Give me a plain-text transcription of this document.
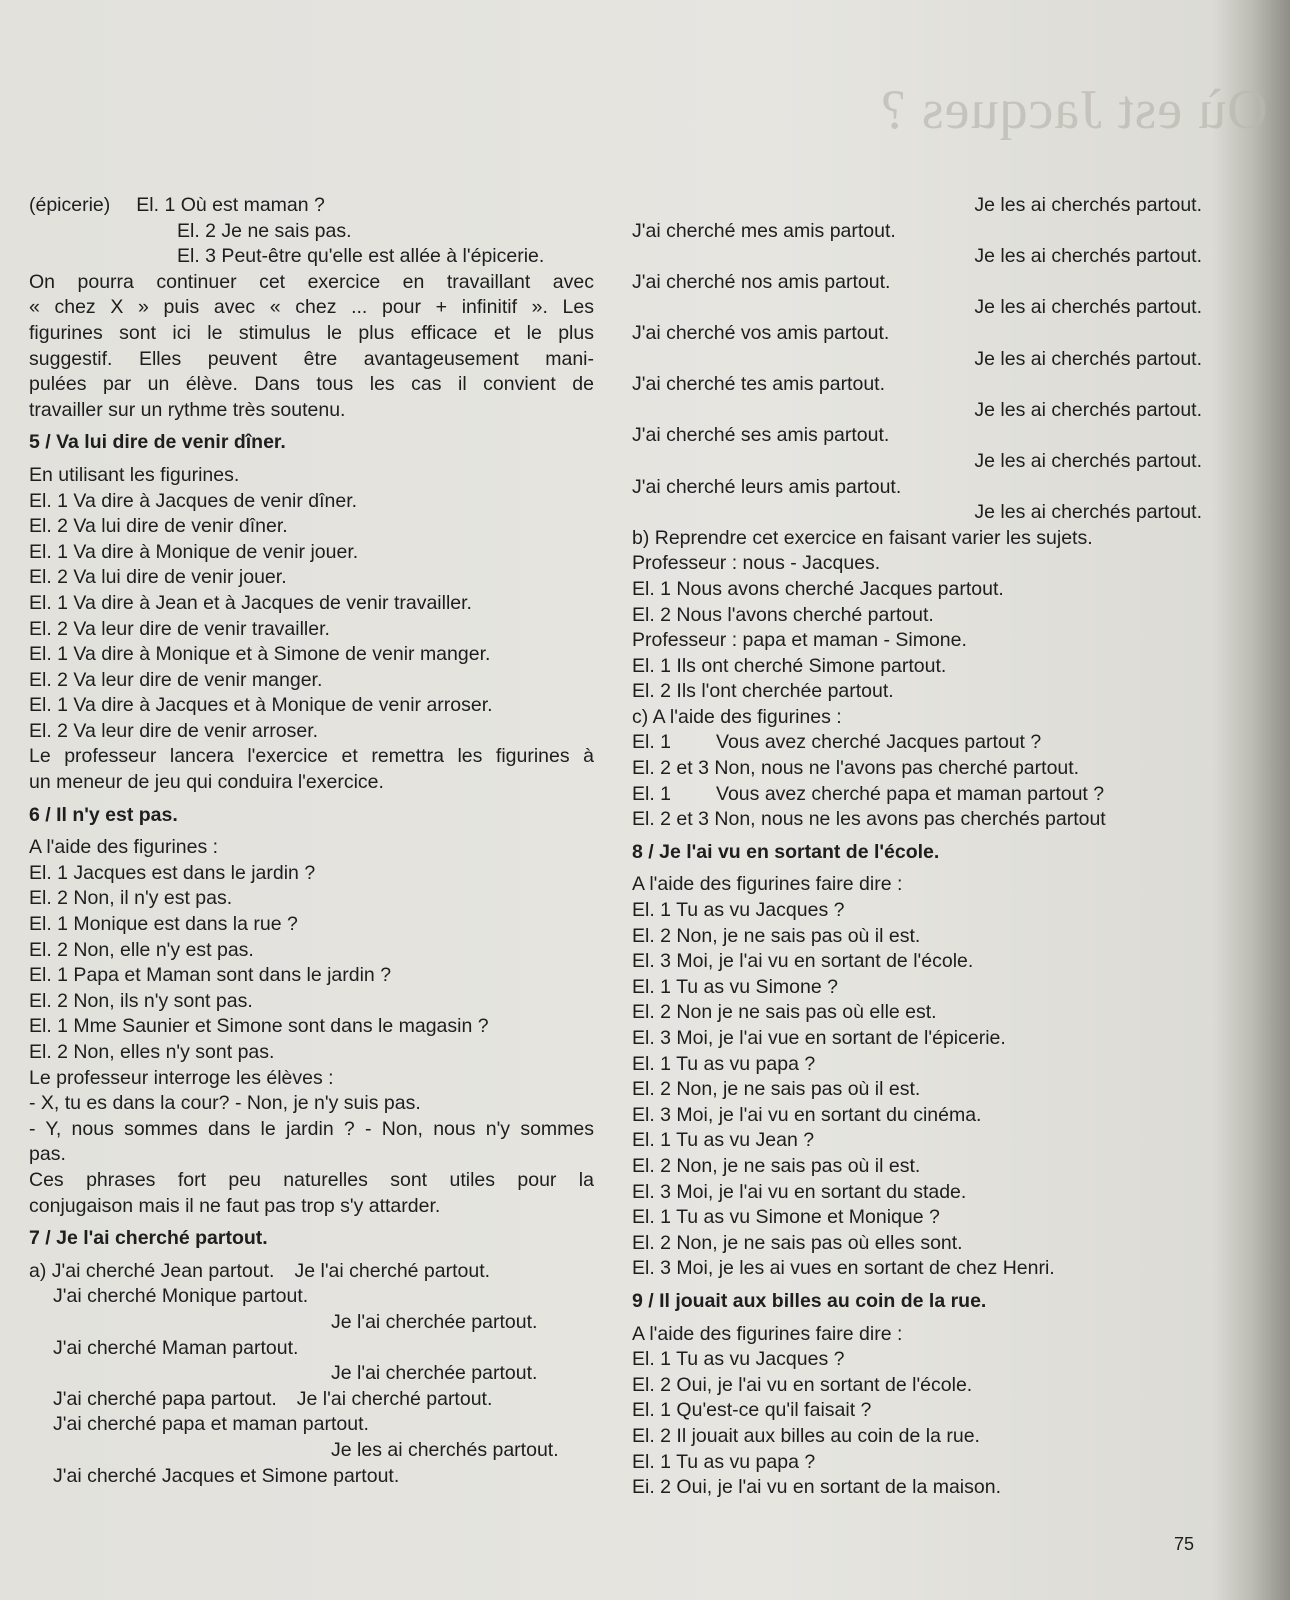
Où est Jacques ?
(épicerie) El. 1 Où est maman ?
El. 2 Je ne sais pas.
El. 3 Peut-être qu'elle est allée à l'épicerie.
On pourra continuer cet exercice en travaillant avec
« chez X » puis avec « chez ... pour + infinitif ». Les
figurines sont ici le stimulus le plus efficace et le plus
suggestif. Elles peuvent être avantageusement mani-
pulées par un élève. Dans tous les cas il convient de
travailler sur un rythme très soutenu.
5 / Va lui dire de venir dîner.
En utilisant les figurines.
El. 1 Va dire à Jacques de venir dîner.
El. 2 Va lui dire de venir dîner.
El. 1 Va dire à Monique de venir jouer.
El. 2 Va lui dire de venir jouer.
El. 1 Va dire à Jean et à Jacques de venir travailler.
El. 2 Va leur dire de venir travailler.
El. 1 Va dire à Monique et à Simone de venir manger.
El. 2 Va leur dire de venir manger.
El. 1 Va dire à Jacques et à Monique de venir arroser.
El. 2 Va leur dire de venir arroser.
Le professeur lancera l'exercice et remettra les figurines à
un meneur de jeu qui conduira l'exercice.
6 / Il n'y est pas.
A l'aide des figurines :
El. 1 Jacques est dans le jardin ?
El. 2 Non, il n'y est pas.
El. 1 Monique est dans la rue ?
El. 2 Non, elle n'y est pas.
El. 1 Papa et Maman sont dans le jardin ?
El. 2 Non, ils n'y sont pas.
El. 1 Mme Saunier et Simone sont dans le magasin ?
El. 2 Non, elles n'y sont pas.
Le professeur interroge les élèves :
- X, tu es dans la cour? - Non, je n'y suis pas.
- Y, nous sommes dans le jardin ? - Non, nous n'y sommes
pas.
Ces phrases fort peu naturelles sont utiles pour la
conjugaison mais il ne faut pas trop s'y attarder.
7 / Je l'ai cherché partout.
a) J'ai cherché Jean partout. Je l'ai cherché partout.
J'ai cherché Monique partout.
Je l'ai cherchée partout.
J'ai cherché Maman partout.
Je l'ai cherchée partout.
J'ai cherché papa partout. Je l'ai cherché partout.
J'ai cherché papa et maman partout.
Je les ai cherchés partout.
J'ai cherché Jacques et Simone partout.
Je les ai cherchés partout.
J'ai cherché mes amis partout.
Je les ai cherchés partout.
J'ai cherché nos amis partout.
Je les ai cherchés partout.
J'ai cherché vos amis partout.
Je les ai cherchés partout.
J'ai cherché tes amis partout.
Je les ai cherchés partout.
J'ai cherché ses amis partout.
Je les ai cherchés partout.
J'ai cherché leurs amis partout.
Je les ai cherchés partout.
b) Reprendre cet exercice en faisant varier les sujets.
Professeur : nous - Jacques.
El. 1 Nous avons cherché Jacques partout.
El. 2 Nous l'avons cherché partout.
Professeur : papa et maman - Simone.
El. 1 Ils ont cherché Simone partout.
El. 2 Ils l'ont cherchée partout.
c) A l'aide des figurines :
El. 1 Vous avez cherché Jacques partout ?
El. 2 et 3 Non, nous ne l'avons pas cherché partout.
El. 1 Vous avez cherché papa et maman partout ?
El. 2 et 3 Non, nous ne les avons pas cherchés partout
8 / Je l'ai vu en sortant de l'école.
A l'aide des figurines faire dire :
El. 1 Tu as vu Jacques ?
El. 2 Non, je ne sais pas où il est.
El. 3 Moi, je l'ai vu en sortant de l'école.
El. 1 Tu as vu Simone ?
El. 2 Non je ne sais pas où elle est.
El. 3 Moi, je l'ai vue en sortant de l'épicerie.
El. 1 Tu as vu papa ?
El. 2 Non, je ne sais pas où il est.
El. 3 Moi, je l'ai vu en sortant du cinéma.
El. 1 Tu as vu Jean ?
El. 2 Non, je ne sais pas où il est.
El. 3 Moi, je l'ai vu en sortant du stade.
El. 1 Tu as vu Simone et Monique ?
El. 2 Non, je ne sais pas où elles sont.
El. 3 Moi, je les ai vues en sortant de chez Henri.
9 / Il jouait aux billes au coin de la rue.
A l'aide des figurines faire dire :
El. 1 Tu as vu Jacques ?
El. 2 Oui, je l'ai vu en sortant de l'école.
El. 1 Qu'est-ce qu'il faisait ?
El. 2 Il jouait aux billes au coin de la rue.
El. 1 Tu as vu papa ?
Ei. 2 Oui, je l'ai vu en sortant de la maison.
75
